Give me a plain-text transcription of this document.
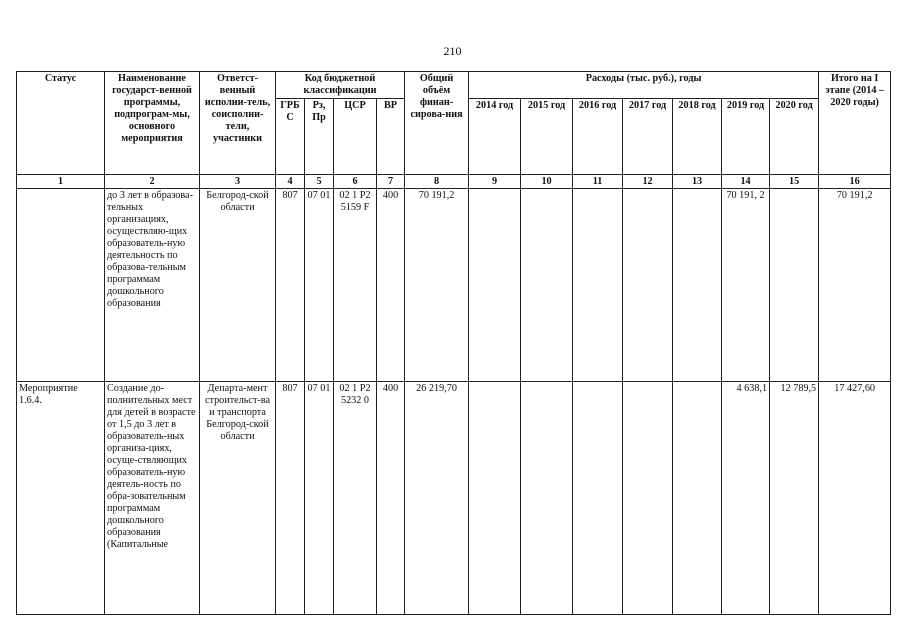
210
Статус	Наименование государст-венной программы, подпрограм-мы, основного мероприятия	Ответст-венный исполни-тель, соисполни-тели, участники	Код бюджетной классификации				Общий объём финан-сирова-ния	Расходы (тыс. руб.), годы							Итого на I этапе (2014 – 2020 годы)
			ГРБ С	Рз, Пр	ЦСР	ВР		2014 год	2015 год	2016 год	2017 год	2018 год	2019 год	2020 год	
1	2	3	4	5	6	7	8	9	10	11	12	13	14	15	16
	до 3 лет в образова-тельных организациях, осуществляю-щих образователь-ную деятельность по образова-тельным программам дошкольного образования	Белгород-ской области	807	07 01	02 1 Р2 5159 F	400	70 191,2						70 191, 2		70 191,2
Мероприятие 1.6.4.	Создание до-полнительных мест для детей в возрасте от 1,5 до 3 лет в образователь-ных организа-циях, осуще-ствляющих образователь-ную деятель-ность по обра-зовательным программам дошкольного образования (Капитальные	Департа-мент строительст-ва и транспорта Белгород-ской области	807	07 01	02 1 Р2 5232 0	400	26 219,70						4 638,1	12 789,5	17 427,60
